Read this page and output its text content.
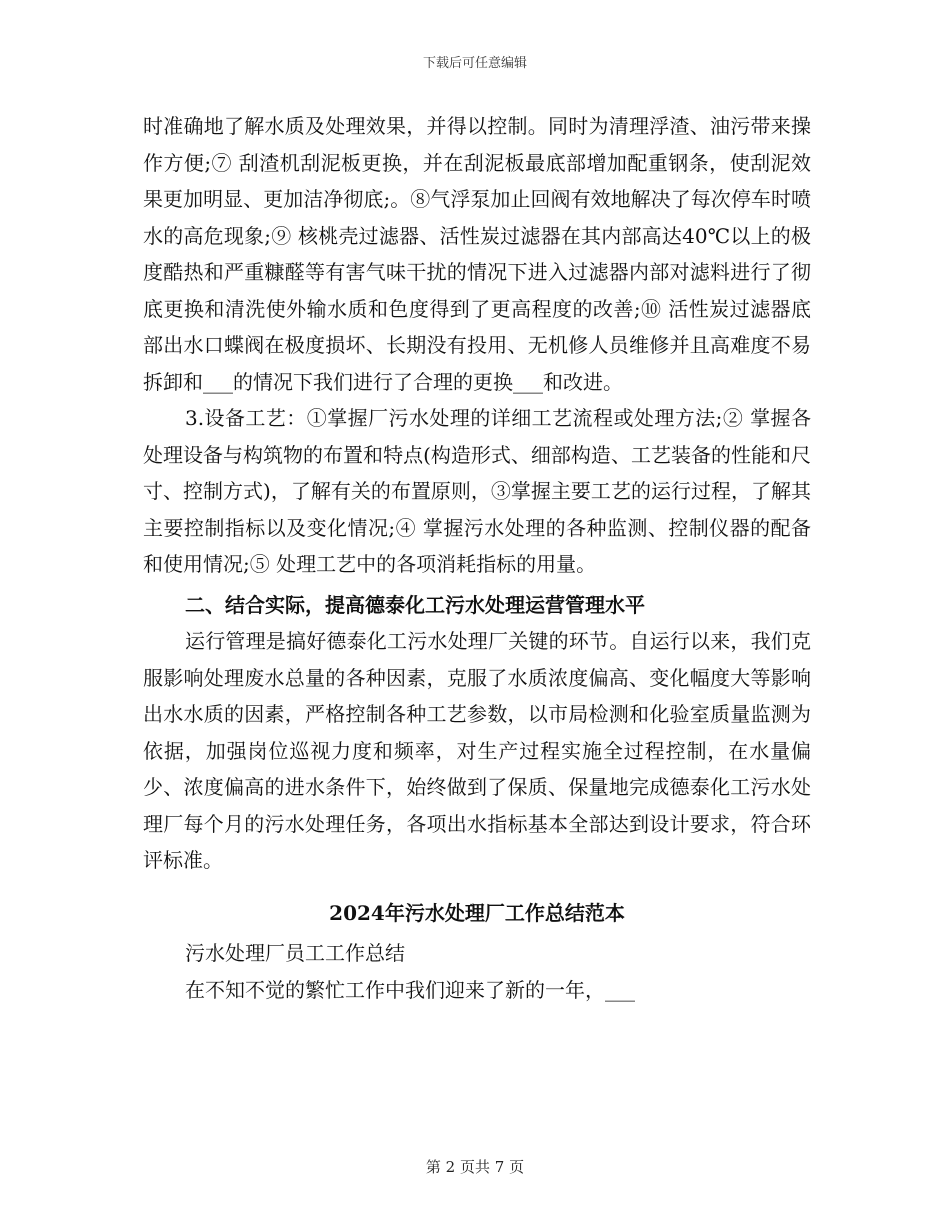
下载后可任意编辑

时准确地了解水质及处理效果，并得以控制。同时为清理浮渣、油污带来操作方便;⑦ 刮渣机刮泥板更换，并在刮泥板最底部增加配重钢条，使刮泥效果更加明显、更加洁净彻底;。⑧气浮泵加止回阀有效地解决了每次停车时喷水的高危现象;⑨ 核桃壳过滤器、活性炭过滤器在其内部高达40℃以上的极度酷热和严重糠醛等有害气味干扰的情况下进入过滤器内部对滤料进行了彻底更换和清洗使外输水质和色度得到了更高程度的改善;⑩ 活性炭过滤器底部出水口蝶阀在极度损坏、长期没有投用、无机修人员维修并且高难度不易拆卸和___的情况下我们进行了合理的更换___和改进。

3.设备工艺：①掌握厂污水处理的详细工艺流程或处理方法;② 掌握各处理设备与构筑物的布置和特点(构造形式、细部构造、工艺装备的性能和尺寸、控制方式)，了解有关的布置原则，③掌握主要工艺的运行过程，了解其主要控制指标以及变化情况;④ 掌握污水处理的各种监测、控制仪器的配备和使用情况;⑤ 处理工艺中的各项消耗指标的用量。

二、结合实际，提高德泰化工污水处理运营管理水平

运行管理是搞好德泰化工污水处理厂关键的环节。自运行以来，我们克服影响处理废水总量的各种因素，克服了水质浓度偏高、变化幅度大等影响出水水质的因素，严格控制各种工艺参数，以市局检测和化验室质量监测为依据，加强岗位巡视力度和频率，对生产过程实施全过程控制，在水量偏少、浓度偏高的进水条件下，始终做到了保质、保量地完成德泰化工污水处理厂每个月的污水处理任务，各项出水指标基本全部达到设计要求，符合环评标准。

2024年污水处理厂工作总结范本

污水处理厂员工工作总结

在不知不觉的繁忙工作中我们迎来了新的一年，___

第 2 页共 7 页
